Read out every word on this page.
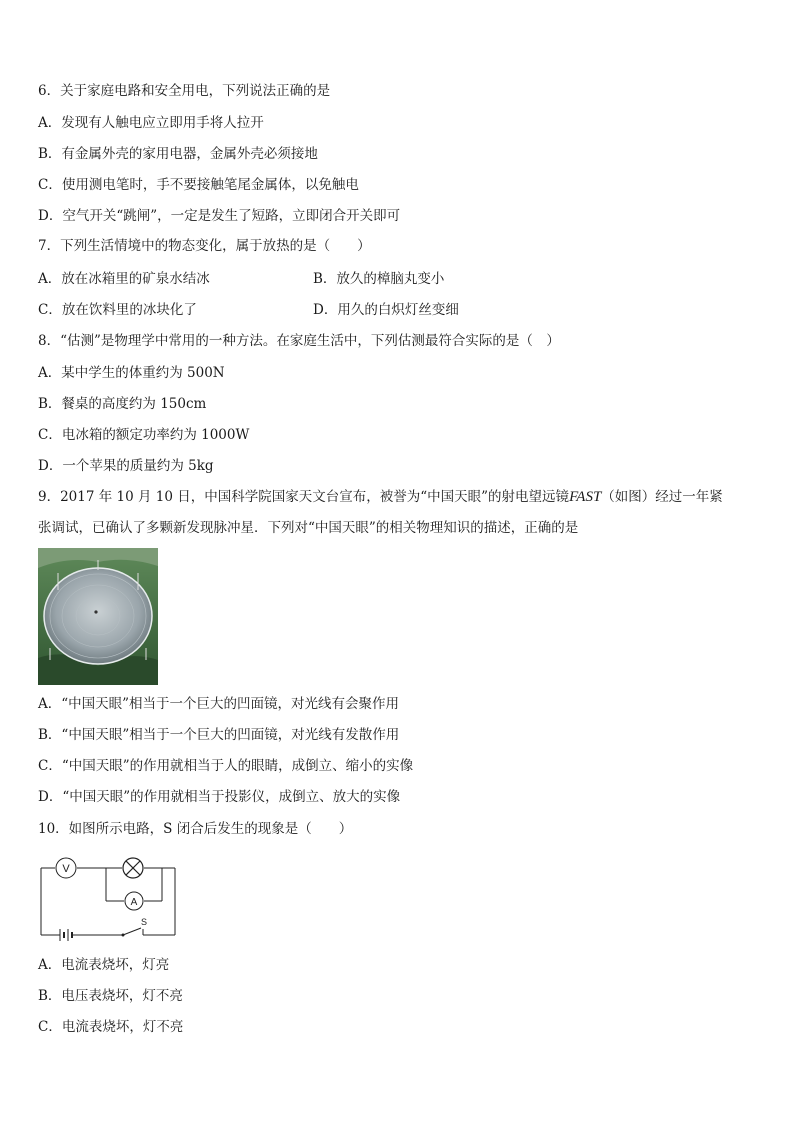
6．关于家庭电路和安全用电，下列说法正确的是
A．发现有人触电应立即用手将人拉开
B．有金属外壳的家用电器，金属外壳必须接地
C．使用测电笔时，手不要接触笔尾金属体，以免触电
D．空气开关“跳闸”，一定是发生了短路，立即闭合开关即可
7．下列生活情境中的物态变化，属于放热的是（　　）
A．放在冰箱里的矿泉水结冰	B．放久的樟脑丸变小
C．放在饮料里的冰块化了	D．用久的白炽灯丝变细
8．“估测”是物理学中常用的一种方法。在家庭生活中，下列估测最符合实际的是（　）
A．某中学生的体重约为 500N
B．餐桌的高度约为 150cm
C．电冰箱的额定功率约为 1000W
D．一个苹果的质量约为 5kg
9．2017 年 10 月 10 日，中国科学院国家天文台宣布，被誉为“中国天眼”的射电望远镜FAST（如图）经过一年紧
张调试，已确认了多颗新发现脉冲星．下列对“中国天眼”的相关物理知识的描述，正确的是
A．“中国天眼”相当于一个巨大的凹面镜，对光线有会聚作用
B．“中国天眼”相当于一个巨大的凹面镜，对光线有发散作用
C．“中国天眼”的作用就相当于人的眼睛，成倒立、缩小的实像
D．“中国天眼”的作用就相当于投影仪，成倒立、放大的实像
10．如图所示电路，S 闭合后发生的现象是（　　）
V
A
S
A．电流表烧坏，灯亮
B．电压表烧坏，灯不亮
C．电流表烧坏，灯不亮
